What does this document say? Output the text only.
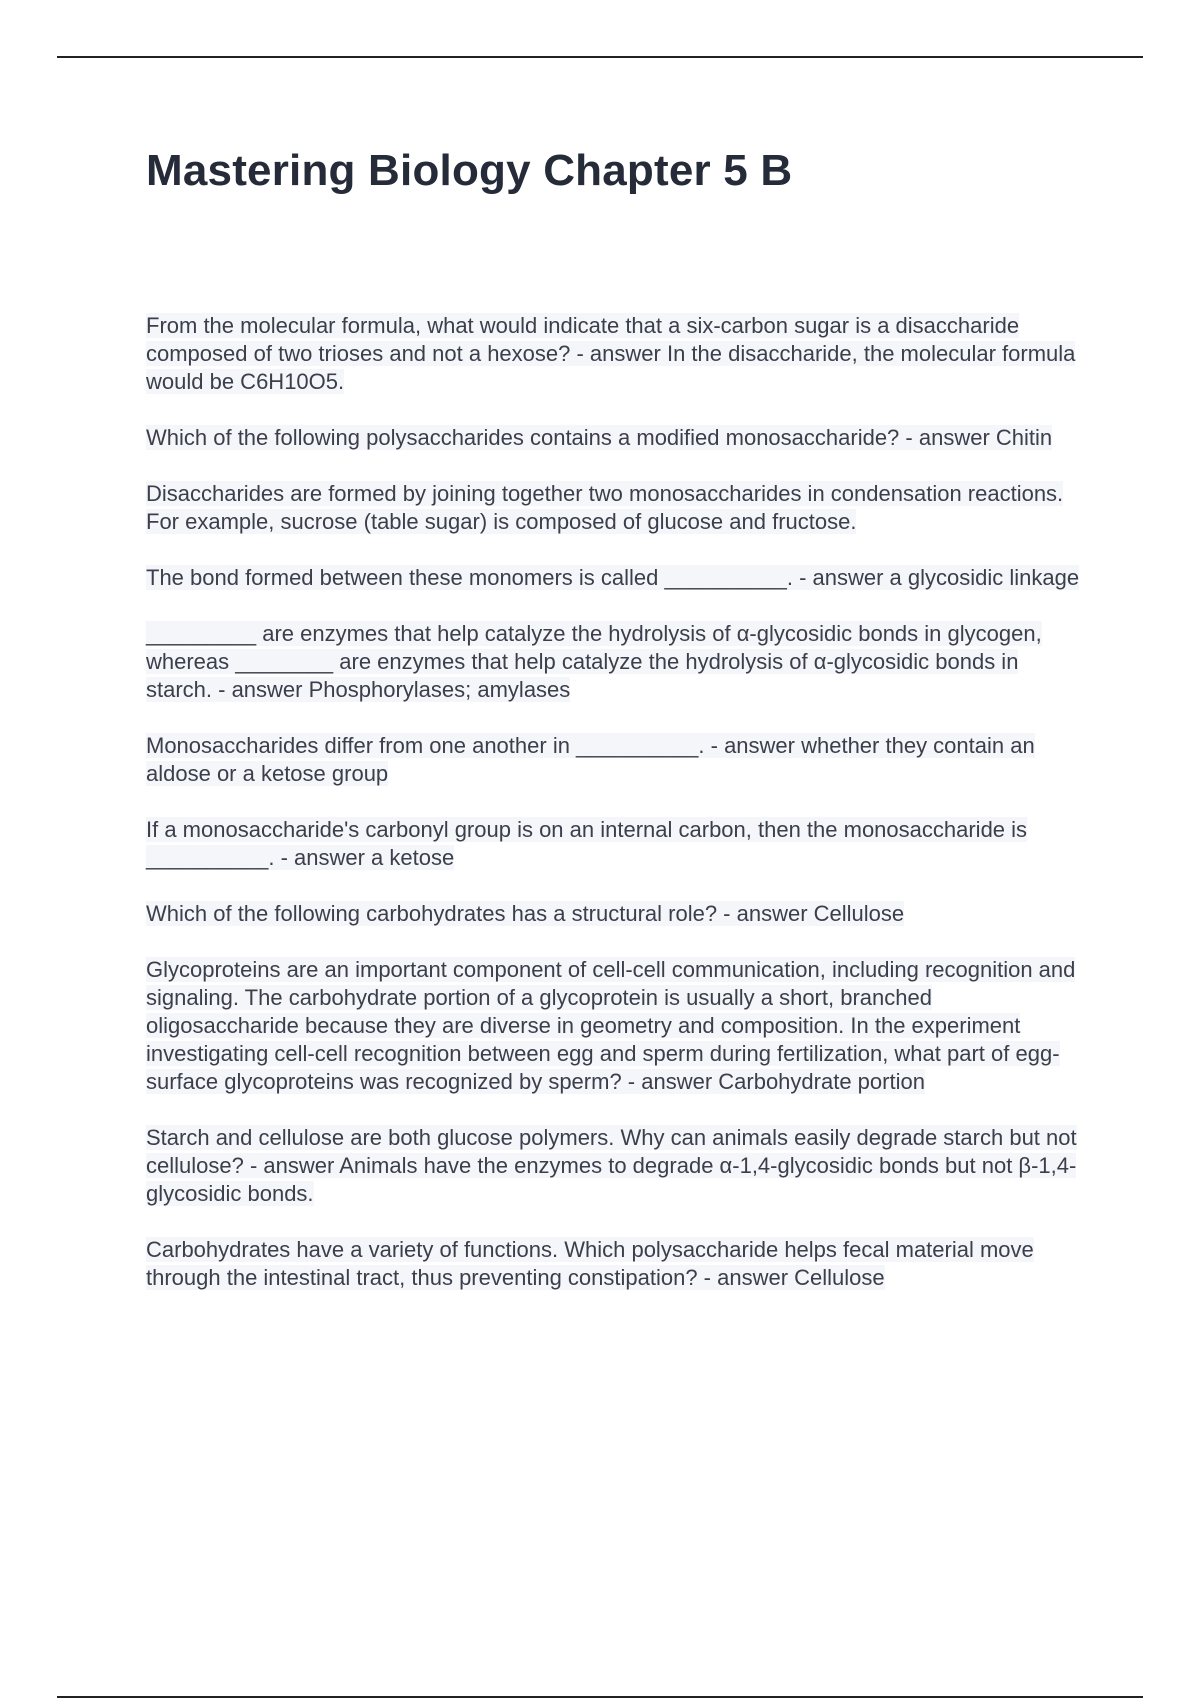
Mastering Biology Chapter 5 B
From the molecular formula, what would indicate that a six-carbon sugar is a disaccharide composed of two trioses and not a hexose? - answer In the disaccharide, the molecular formula would be C6H10O5.
Which of the following polysaccharides contains a modified monosaccharide? - answer Chitin
Disaccharides are formed by joining together two monosaccharides in condensation reactions. For example, sucrose (table sugar) is composed of glucose and fructose.
The bond formed between these monomers is called __________. - answer a glycosidic linkage
_________ are enzymes that help catalyze the hydrolysis of α-glycosidic bonds in glycogen, whereas ________ are enzymes that help catalyze the hydrolysis of α-glycosidic bonds in starch. - answer Phosphorylases; amylases
Monosaccharides differ from one another in __________. - answer whether they contain an aldose or a ketose group
If a monosaccharide's carbonyl group is on an internal carbon, then the monosaccharide is __________. - answer a ketose
Which of the following carbohydrates has a structural role? - answer Cellulose
Glycoproteins are an important component of cell-cell communication, including recognition and signaling. The carbohydrate portion of a glycoprotein is usually a short, branched oligosaccharide because they are diverse in geometry and composition. In the experiment investigating cell-cell recognition between egg and sperm during fertilization, what part of egg-surface glycoproteins was recognized by sperm? - answer Carbohydrate portion
Starch and cellulose are both glucose polymers. Why can animals easily degrade starch but not cellulose? - answer Animals have the enzymes to degrade α-1,4-glycosidic bonds but not β-1,4-glycosidic bonds.
Carbohydrates have a variety of functions. Which polysaccharide helps fecal material move through the intestinal tract, thus preventing constipation? - answer Cellulose
